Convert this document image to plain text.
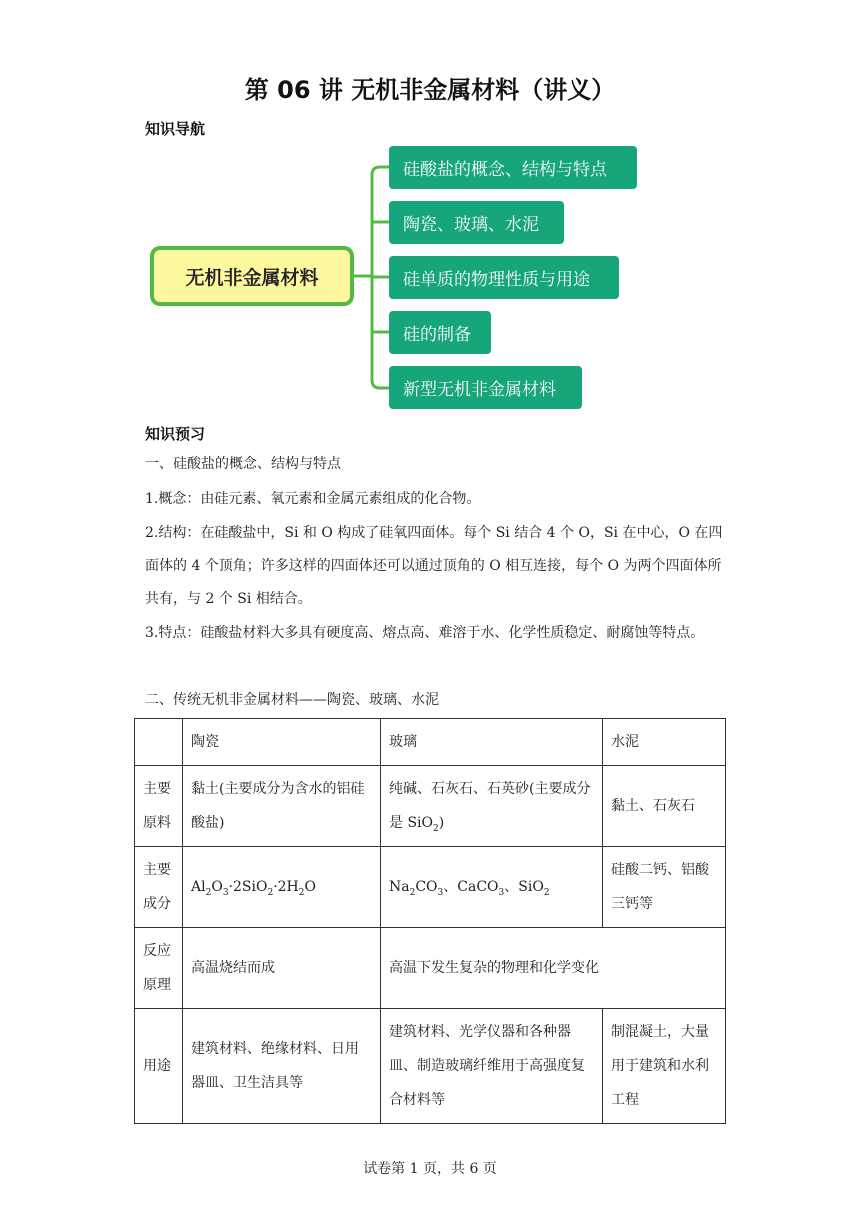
第 06 讲 无机非金属材料（讲义）
知识导航
无机非金属材料
硅酸盐的概念、结构与特点
陶瓷、玻璃、水泥
硅单质的物理性质与用途
硅的制备
新型无机非金属材料
知识预习
一、硅酸盐的概念、结构与特点
1.概念：由硅元素、氧元素和金属元素组成的化合物。
2.结构：在硅酸盐中，Si 和 O 构成了硅氧四面体。每个 Si 结合 4 个 O，Si 在中心，O 在四面体的 4 个顶角；许多这样的四面体还可以通过顶角的 O 相互连接，每个 O 为两个四面体所共有，与 2 个 Si 相结合。
3.特点：硅酸盐材料大多具有硬度高、熔点高、难溶于水、化学性质稳定、耐腐蚀等特点。
二、传统无机非金属材料——陶瓷、玻璃、水泥
	陶瓷	玻璃	水泥
主要原料	黏土(主要成分为含水的铝硅酸盐)	纯碱、石灰石、石英砂(主要成分是 SiO$_2$)	黏土、石灰石
主要成分	$Al_2O_3\cdot 2SiO_2\cdot 2H_2O$	$Na_2CO_3$、CaCO$_3$、SiO$_2$	硅酸二钙、铝酸三钙等
反应原理	高温烧结而成	高温下发生复杂的物理和化学变化	
用途	建筑材料、绝缘材料、日用器皿、卫生洁具等	建筑材料、光学仪器和各种器皿、制造玻璃纤维用于高强度复合材料等	制混凝土，大量用于建筑和水利工程
试卷第 1 页，共 6 页
